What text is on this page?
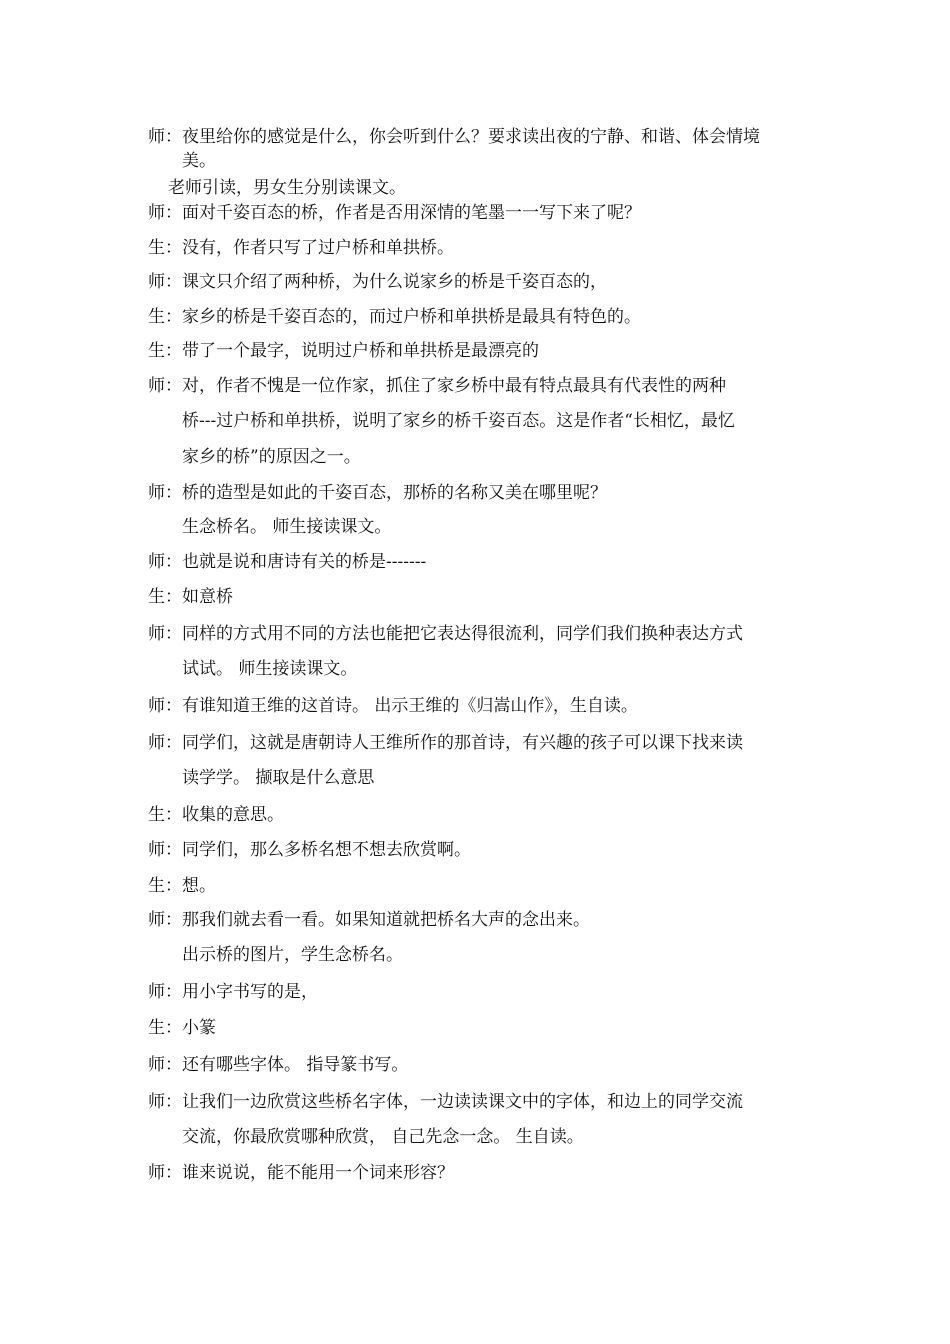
师：夜里给你的感觉是什么，你会听到什么？要求读出夜的宁静、和谐、体会情境
美。
老师引读，男女生分别读课文。
师：面对千姿百态的桥，作者是否用深情的笔墨一一写下来了呢？
生：没有，作者只写了过户桥和单拱桥。
师：课文只介绍了两种桥，为什么说家乡的桥是千姿百态的，
生：家乡的桥是千姿百态的，而过户桥和单拱桥是最具有特色的。
生：带了一个最字，说明过户桥和单拱桥是最漂亮的
师：对，作者不愧是一位作家，抓住了家乡桥中最有特点最具有代表性的两种
桥---过户桥和单拱桥，说明了家乡的桥千姿百态。这是作者“长相忆，最忆
家乡的桥”的原因之一。
师：桥的造型是如此的千姿百态，那桥的名称又美在哪里呢？
生念桥名。 师生接读课文。
师：也就是说和唐诗有关的桥是-------
生：如意桥
师：同样的方式用不同的方法也能把它表达得很流利，同学们我们换种表达方式
试试。 师生接读课文。
师：有谁知道王维的这首诗。 出示王维的《归嵩山作》，生自读。
师：同学们，这就是唐朝诗人王维所作的那首诗，有兴趣的孩子可以课下找来读
读学学。 撷取是什么意思
生：收集的意思。
师：同学们，那么多桥名想不想去欣赏啊。
生：想。
师：那我们就去看一看。如果知道就把桥名大声的念出来。
出示桥的图片，学生念桥名。
师：用小字书写的是，
生：小篆
师：还有哪些字体。 指导篆书写。
师：让我们一边欣赏这些桥名字体，一边读读课文中的字体，和边上的同学交流
交流，你最欣赏哪种欣赏， 自己先念一念。 生自读。
师：谁来说说，能不能用一个词来形容？
